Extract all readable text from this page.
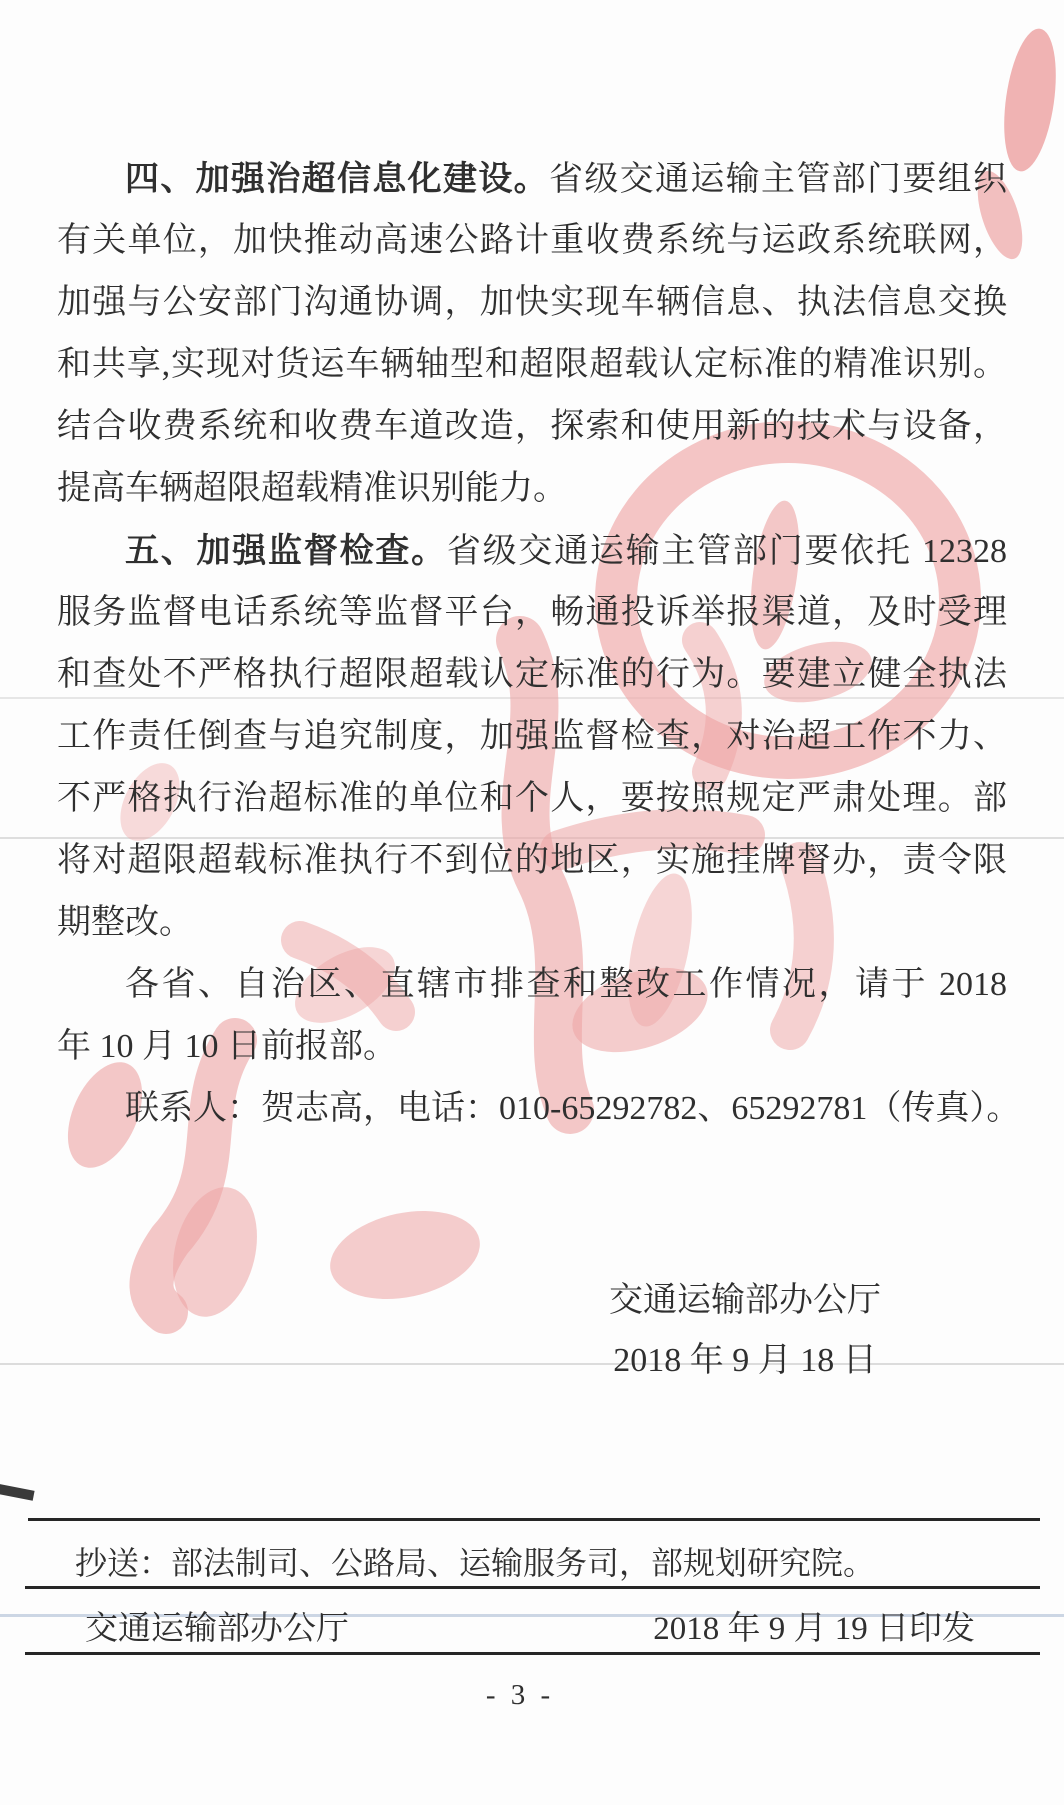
四、加强治超信息化建设。省级交通运输主管部门要组织
有关单位，加快推动高速公路计重收费系统与运政系统联网，
加强与公安部门沟通协调，加快实现车辆信息、执法信息交换
和共享,实现对货运车辆轴型和超限超载认定标准的精准识别。
结合收费系统和收费车道改造，探索和使用新的技术与设备，
提高车辆超限超载精准识别能力。
五、加强监督检查。省级交通运输主管部门要依托 12328
服务监督电话系统等监督平台，畅通投诉举报渠道，及时受理
和查处不严格执行超限超载认定标准的行为。要建立健全执法
工作责任倒查与追究制度，加强监督检查，对治超工作不力、
不严格执行治超标准的单位和个人，要按照规定严肃处理。部
将对超限超载标准执行不到位的地区，实施挂牌督办，责令限
期整改。
各省、自治区、直辖市排查和整改工作情况，请于 2018
年 10 月 10 日前报部。
联系人：贺志高，电话：010-65292782、65292781（传真）。
交通运输部办公厅
2018 年 9 月 18 日
抄送：部法制司、公路局、运输服务司，部规划研究院。
交通运输部办公厅	2018 年 9 月 19 日印发
- 3 -
